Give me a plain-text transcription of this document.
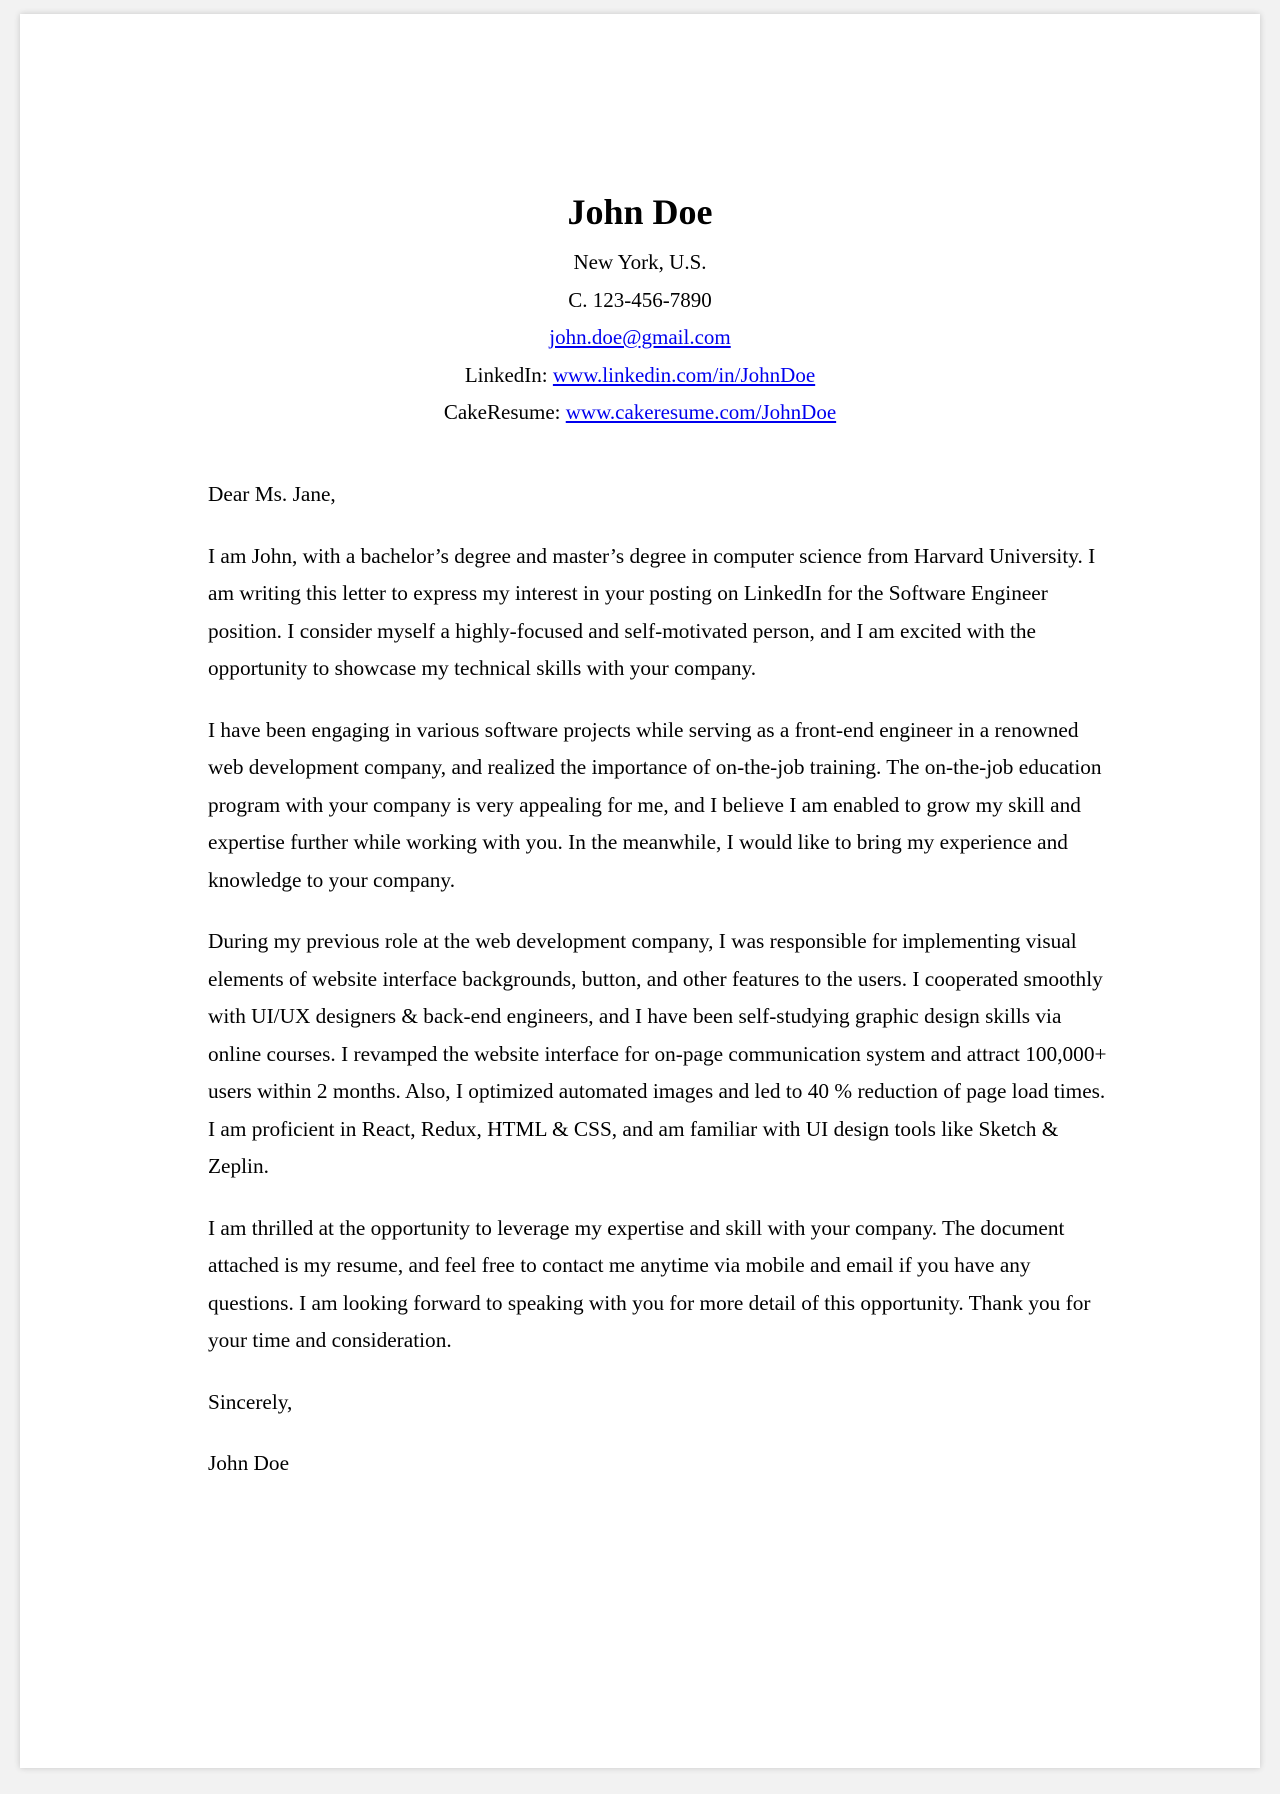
John Doe
New York, U.S.
C. 123-456-7890
john.doe@gmail.com
LinkedIn: www.linkedin.com/in/JohnDoe
CakeResume: www.cakeresume.com/JohnDoe

Dear Ms. Jane,

I am John, with a bachelor’s degree and master’s degree in computer science from Harvard University. I am writing this letter to express my interest in your posting on LinkedIn for the Software Engineer position. I consider myself a highly-focused and self-motivated person, and I am excited with the opportunity to showcase my technical skills with your company.

I have been engaging in various software projects while serving as a front-end engineer in a renowned web development company, and realized the importance of on-the-job training. The on-the-job education program with your company is very appealing for me, and I believe I am enabled to grow my skill and expertise further while working with you. In the meanwhile, I would like to bring my experience and knowledge to your company.

During my previous role at the web development company, I was responsible for implementing visual elements of website interface backgrounds, button, and other features to the users. I cooperated smoothly with UI/UX designers & back-end engineers, and I have been self-studying graphic design skills via online courses. I revamped the website interface for on-page communication system and attract 100,000+ users within 2 months. Also, I optimized automated images and led to 40 % reduction of page load times. I am proficient in React, Redux, HTML & CSS, and am familiar with UI design tools like Sketch & Zeplin.

I am thrilled at the opportunity to leverage my expertise and skill with your company. The document attached is my resume, and feel free to contact me anytime via mobile and email if you have any questions. I am looking forward to speaking with you for more detail of this opportunity. Thank you for your time and consideration.

Sincerely,

John Doe
